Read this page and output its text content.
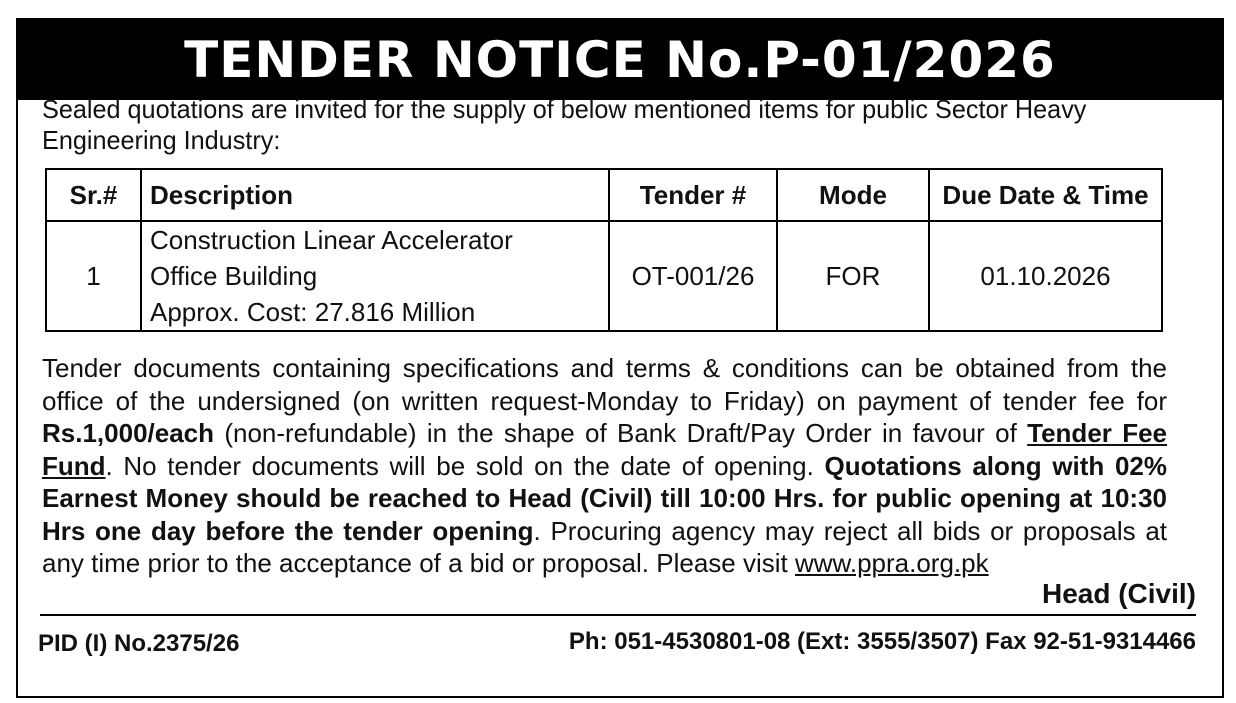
TENDER NOTICE No.P-01/2026
Sealed quotations are invited for the supply of below mentioned items for public Sector Heavy Engineering Industry:
Sr.#	Description	Tender #	Mode	Due Date & Time
1	Construction Linear Accelerator
Office Building
Approx. Cost: 27.816 Million	OT-001/26	FOR	01.10.2026
Tender documents containing specifications and terms & conditions can be obtained from the office of the undersigned (on written request-Monday to Friday) on payment of tender fee for Rs.1,000/each (non-refundable) in the shape of Bank Draft/Pay Order in favour of Tender Fee Fund. No tender documents will be sold on the date of opening. Quotations along with 02% Earnest Money should be reached to Head (Civil) till 10:00 Hrs. for public opening at 10:30 Hrs one day before the tender opening. Procuring agency may reject all bids or proposals at any time prior to the acceptance of a bid or proposal. Please visit www.ppra.org.pk
Head (Civil)
PID (I) No.2375/26	Ph: 051-4530801-08 (Ext: 3555/3507) Fax 92-51-9314466
